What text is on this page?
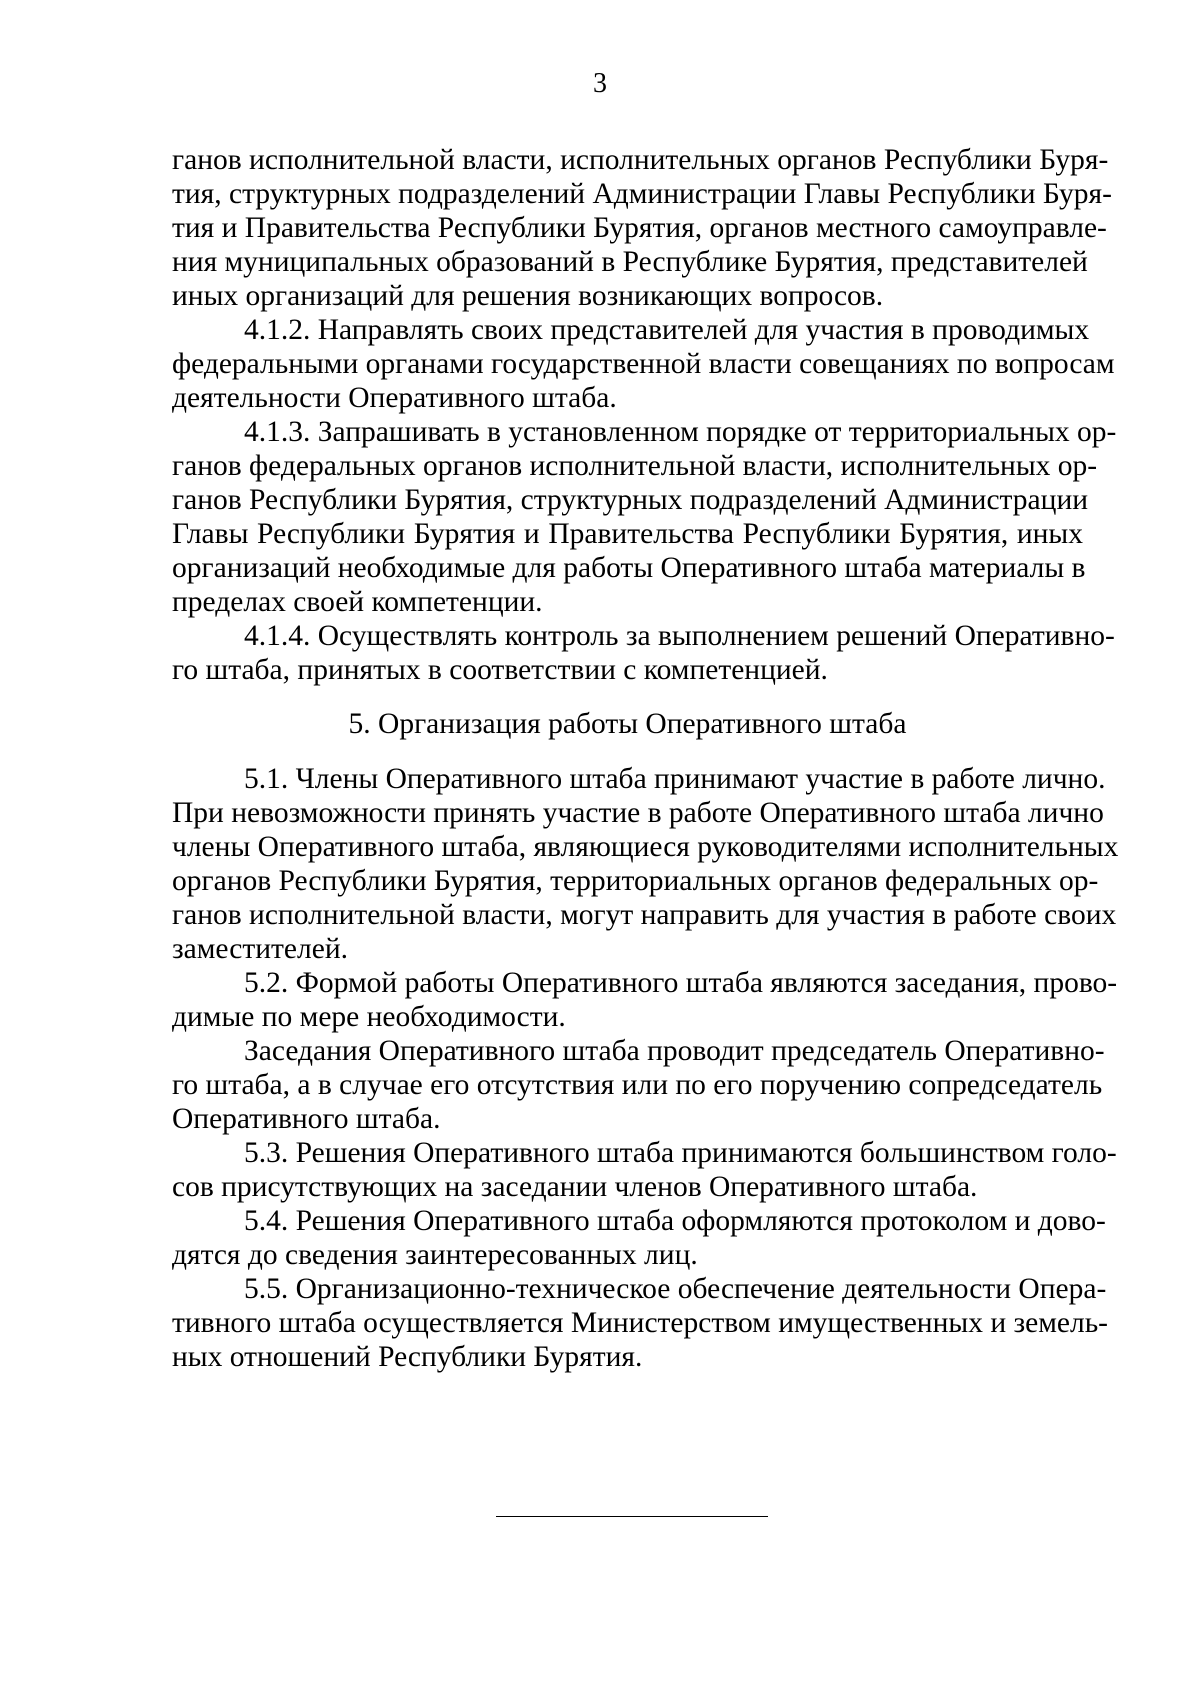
3
ганов исполнительной власти, исполнительных органов Республики Буря-
тия, структурных подразделений Администрации Главы Республики Буря-
тия и Правительства Республики Бурятия, органов местного самоуправле-
ния муниципальных образований в Республике Бурятия, представителей
иных организаций для решения возникающих вопросов.
4.1.2. Направлять своих представителей для участия в проводимых
федеральными органами государственной власти совещаниях по вопросам
деятельности Оперативного штаба.
4.1.3. Запрашивать в установленном порядке от территориальных ор-
ганов федеральных органов исполнительной власти, исполнительных ор-
ганов Республики Бурятия, структурных подразделений Администрации
Главы Республики Бурятия и Правительства Республики Бурятия, иных
организаций необходимые для работы Оперативного штаба материалы в
пределах своей компетенции.
4.1.4. Осуществлять контроль за выполнением решений Оперативно-
го штаба, принятых в соответствии с компетенцией.
5. Организация работы Оперативного штаба
5.1. Члены Оперативного штаба принимают участие в работе лично.
При невозможности принять участие в работе Оперативного штаба лично
члены Оперативного штаба, являющиеся руководителями исполнительных
органов Республики Бурятия, территориальных органов федеральных ор-
ганов исполнительной власти, могут направить для участия в работе своих
заместителей.
5.2. Формой работы Оперативного штаба являются заседания, прово-
димые по мере необходимости.
Заседания Оперативного штаба проводит председатель Оперативно-
го штаба, а в случае его отсутствия или по его поручению сопредседатель
Оперативного штаба.
5.3. Решения Оперативного штаба принимаются большинством голо-
сов присутствующих на заседании членов Оперативного штаба.
5.4. Решения Оперативного штаба оформляются протоколом и дово-
дятся до сведения заинтересованных лиц.
5.5. Организационно-техническое обеспечение деятельности Опера-
тивного штаба осуществляется Министерством имущественных и земель-
ных отношений Республики Бурятия.
